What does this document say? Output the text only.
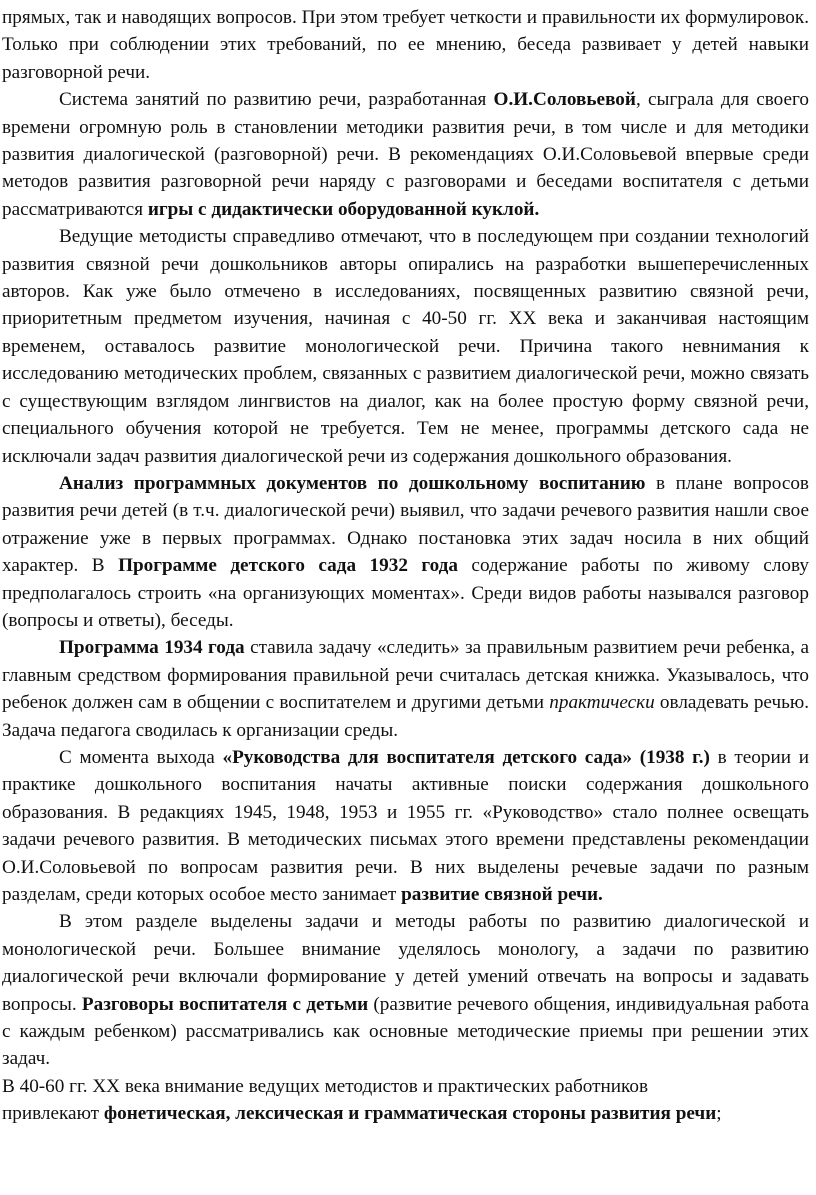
прямых, так и наводящих вопросов. При этом требует четкости и правильности их формулировок. Только при соблюдении этих требований, по ее мнению, беседа развивает у детей навыки разговорной речи.

Система занятий по развитию речи, разработанная О.И.Соловьевой, сыграла для своего времени огромную роль в становлении методики развития речи, в том числе и для методики развития диалогической (разговорной) речи. В рекомендациях О.И.Соловьевой впервые среди методов развития разговорной речи наряду с разговорами и беседами воспитателя с детьми рассматриваются игры с дидактически оборудованной куклой.

Ведущие методисты справедливо отмечают, что в последующем при создании технологий развития связной речи дошкольников авторы опирались на разработки вышеперечисленных авторов. Как уже было отмечено в исследованиях, посвященных развитию связной речи, приоритетным предметом изучения, начиная с 40-50 гг. XX века и заканчивая настоящим временем, оставалось развитие монологической речи. Причина такого невнимания к исследованию методических проблем, связанных с развитием диалогической речи, можно связать с существующим взглядом лингвистов на диалог, как на более простую форму связной речи, специального обучения которой не требуется. Тем не менее, программы детского сада не исключали задач развития диалогической речи из содержания дошкольного образования.

Анализ программных документов по дошкольному воспитанию в плане вопросов развития речи детей (в т.ч. диалогической речи) выявил, что задачи речевого развития нашли свое отражение уже в первых программах. Однако постановка этих задач носила в них общий характер. В Программе детского сада 1932 года содержание работы по живому слову предполагалось строить «на организующих моментах». Среди видов работы назывался разговор (вопросы и ответы), беседы.

Программа 1934 года ставила задачу «следить» за правильным развитием речи ребенка, а главным средством формирования правильной речи считалась детская книжка. Указывалось, что ребенок должен сам в общении с воспитателем и другими детьми практически овладевать речью. Задача педагога сводилась к организации среды.

С момента выхода «Руководства для воспитателя детского сада» (1938 г.) в теории и практике дошкольного воспитания начаты активные поиски содержания дошкольного образования. В редакциях 1945, 1948, 1953 и 1955 гг. «Руководство» стало полнее освещать задачи речевого развития. В методических письмах этого времени представлены рекомендации О.И.Соловьевой по вопросам развития речи. В них выделены речевые задачи по разным разделам, среди которых особое место занимает развитие связной речи.

В этом разделе выделены задачи и методы работы по развитию диалогической и монологической речи. Большее внимание уделялось монологу, а задачи по развитию диалогической речи включали формирование у детей умений отвечать на вопросы и задавать вопросы. Разговоры воспитателя с детьми (развитие речевого общения, индивидуальная работа с каждым ребенком) рассматривались как основные методические приемы при решении этих задач.

В 40-60 гг. XX века внимание ведущих методистов и практических работников
привлекают фонетическая, лексическая и грамматическая стороны развития речи;
